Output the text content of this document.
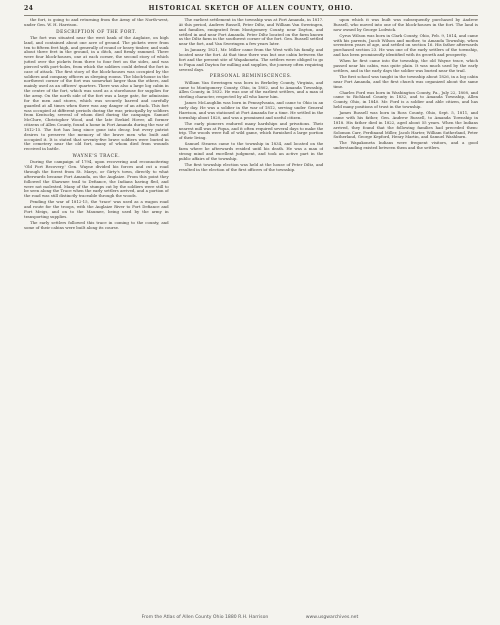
24	HISTORICAL SKETCH OF ALLEN COUNTY, OHIO.

the fort, is going to and returning from the Army of the North-west, under Gen. W. H. Harrison.

DESCRIPTION OF THE FORT.

The fort was situated near the west bank of the Auglaize, on high land, and contained about one acre of ground. The pickets were from ten to fifteen feet high, and generally of round or heavy timber, and sunk about three feet in the ground, in a ditch, and firmly rammed. There were four block-houses, one at each corner, the second story of which jutted over the pickets from three to four feet on the sides, and was pierced with port-holes, from which the soldiers could defend the fort in case of attack. The first story of the block-houses was occupied by the soldiers and company officers as sleeping rooms. The block-house in the northwest corner of the fort was somewhat larger than the others, and mainly used as an officers' quarters. There was also a large log cabin in the centre of the fort, which was used as a storehouse for supplies for the army. On the north side of the fort was a large gate, for admission for the men and stores, which was securely barred and carefully guarded at all times when there was any danger of an attack. This fort was occupied at different periods during the war, principally by soldiers from Kentucky, several of whom died during the campaign. Samuel McClure, Christopher Wood, and the late Ezekiel Hover, all former citizens of Allen County, found a home in Fort Amanda during the war of 1812-15. The fort has long since gone into decay, but every patriot desires to preserve the memory of the brave men who built and occupied it. It is stated that seventy-five brave soldiers were buried in the cemetery near the old fort, many of whom died from wounds received in battle.

WAYNE'S TRACE.

During the campaign of 1794, upon recovering and reconnoitering 'Old Fort Recovery,' Gen. Wayne divided his forces and cut a road through the forest from St. Marys, or Girty's town, directly to what afterwards became Fort Amanda, on the Auglaize. From this point they followed the Shawnee trail to Defiance, the Indians having fled, and were not molested. Many of the stumps cut by the soldiers were still to be seen along the Trace when the early settlers arrived, and a portion of the road was still distinctly traceable through the woods.

Pending the war of 1812-15, the 'trace' was used as a wagon road and route for the troops, with the Auglaize River to Fort Defiance and Fort Meigs, and on to the Maumee, being used by the army in transporting supplies.

The early settlers followed this trace in coming to the county, and some of their cabins were built along its course.

The earliest settlement in the township was at Fort Amanda, in 1817. At this period, Andrew Russell, Peter Diltz, and William Van Sweringen, and families, emigrated from Montgomery County, near Dayton, and settled in and near Fort Amanda. Peter Diltz located on the farm known as the Diltz farm in the southwest corner of the fort. Gen. Russell settled near the fort, and Van Sweringen a few years later.

In January, 1821, Mr. Miller came from the West with his family, and located near the fort. At that time there was but one cabin between the fort and the present site of Wapakoneta. The settlers were obliged to go to Piqua and Dayton for milling and supplies, the journey often requiring several days.

PERSONAL REMINISCENCES.

William Van Sweringen was born in Berkeley County, Virginia, and came to Montgomery County, Ohio, in 1802, and to Amanda Township, Allen County, in 1832. He was one of the earliest settlers, and a man of sterling character, respected by all who knew him.

James McLaughlin was born in Pennsylvania, and came to Ohio in an early day. He was a soldier in the war of 1812, serving under General Harrison, and was stationed at Fort Amanda for a time. He settled in the township about 1820, and was a prominent and useful citizen.

The early pioneers endured many hardships and privations. Their nearest mill was at Piqua, and it often required several days to make the trip. The woods were full of wild game, which furnished a large portion of their living.

Samuel Stearns came to the township in 1834, and located on the farm where he afterwards resided until his death. He was a man of strong mind and excellent judgment, and took an active part in the public affairs of the township.

The first township election was held at the house of Peter Diltz, and resulted in the election of the first officers of the township.

upon which it was built was subsequently purchased by Andrew Russell, who moved into one of the block-houses in the fort. The land is now owned by George Lodwick.

Cyrus Wilson was born in Clark County, Ohio, Feb. 9, 1814, and came with his parents, Jacob Wilson and mother, to Amanda Township, when seventeen years of age, and settled on section 16. His father afterwards purchased section 23. He was one of the early settlers of the township, and has been prominently identified with its growth and prosperity.

When he first came into the township, the old Wayne trace, which passed near his cabin, was quite plain. It was much used by the early settlers, and in the early days the soldier was buried near the trail.

The first school was taught in the township about 1826, in a log cabin near Fort Amanda, and the first church was organized about the same time.

Charles Ford was born in Washington County, Pa., July 22, 1808, and came to Richland County in 1832, and to Amanda Township, Allen County, Ohio, in 1840. Mr. Ford is a soldier and able citizen, and has held many positions of trust in the township.

James Russell was born in Ross County, Ohio, Sept. 5, 1811, and came with his father, Gen. Andrew Russell, to Amanda Township in 1818. His father died in 1822, aged about 55 years. When the Indians arrived, they found that the following families had preceded them: Solomon Carr, Ferdinand Miller, Jacob Harter, William Sutherland, Peter Sutherland, George Kepford, Henry Martin, and Samuel Washburn.

The Wapakoneta Indians were frequent visitors, and a good understanding existed between them and the settlers.

From the Atlas of Allen County Ohio 1880 R.H. Harrison	www.usgwarchives.net
